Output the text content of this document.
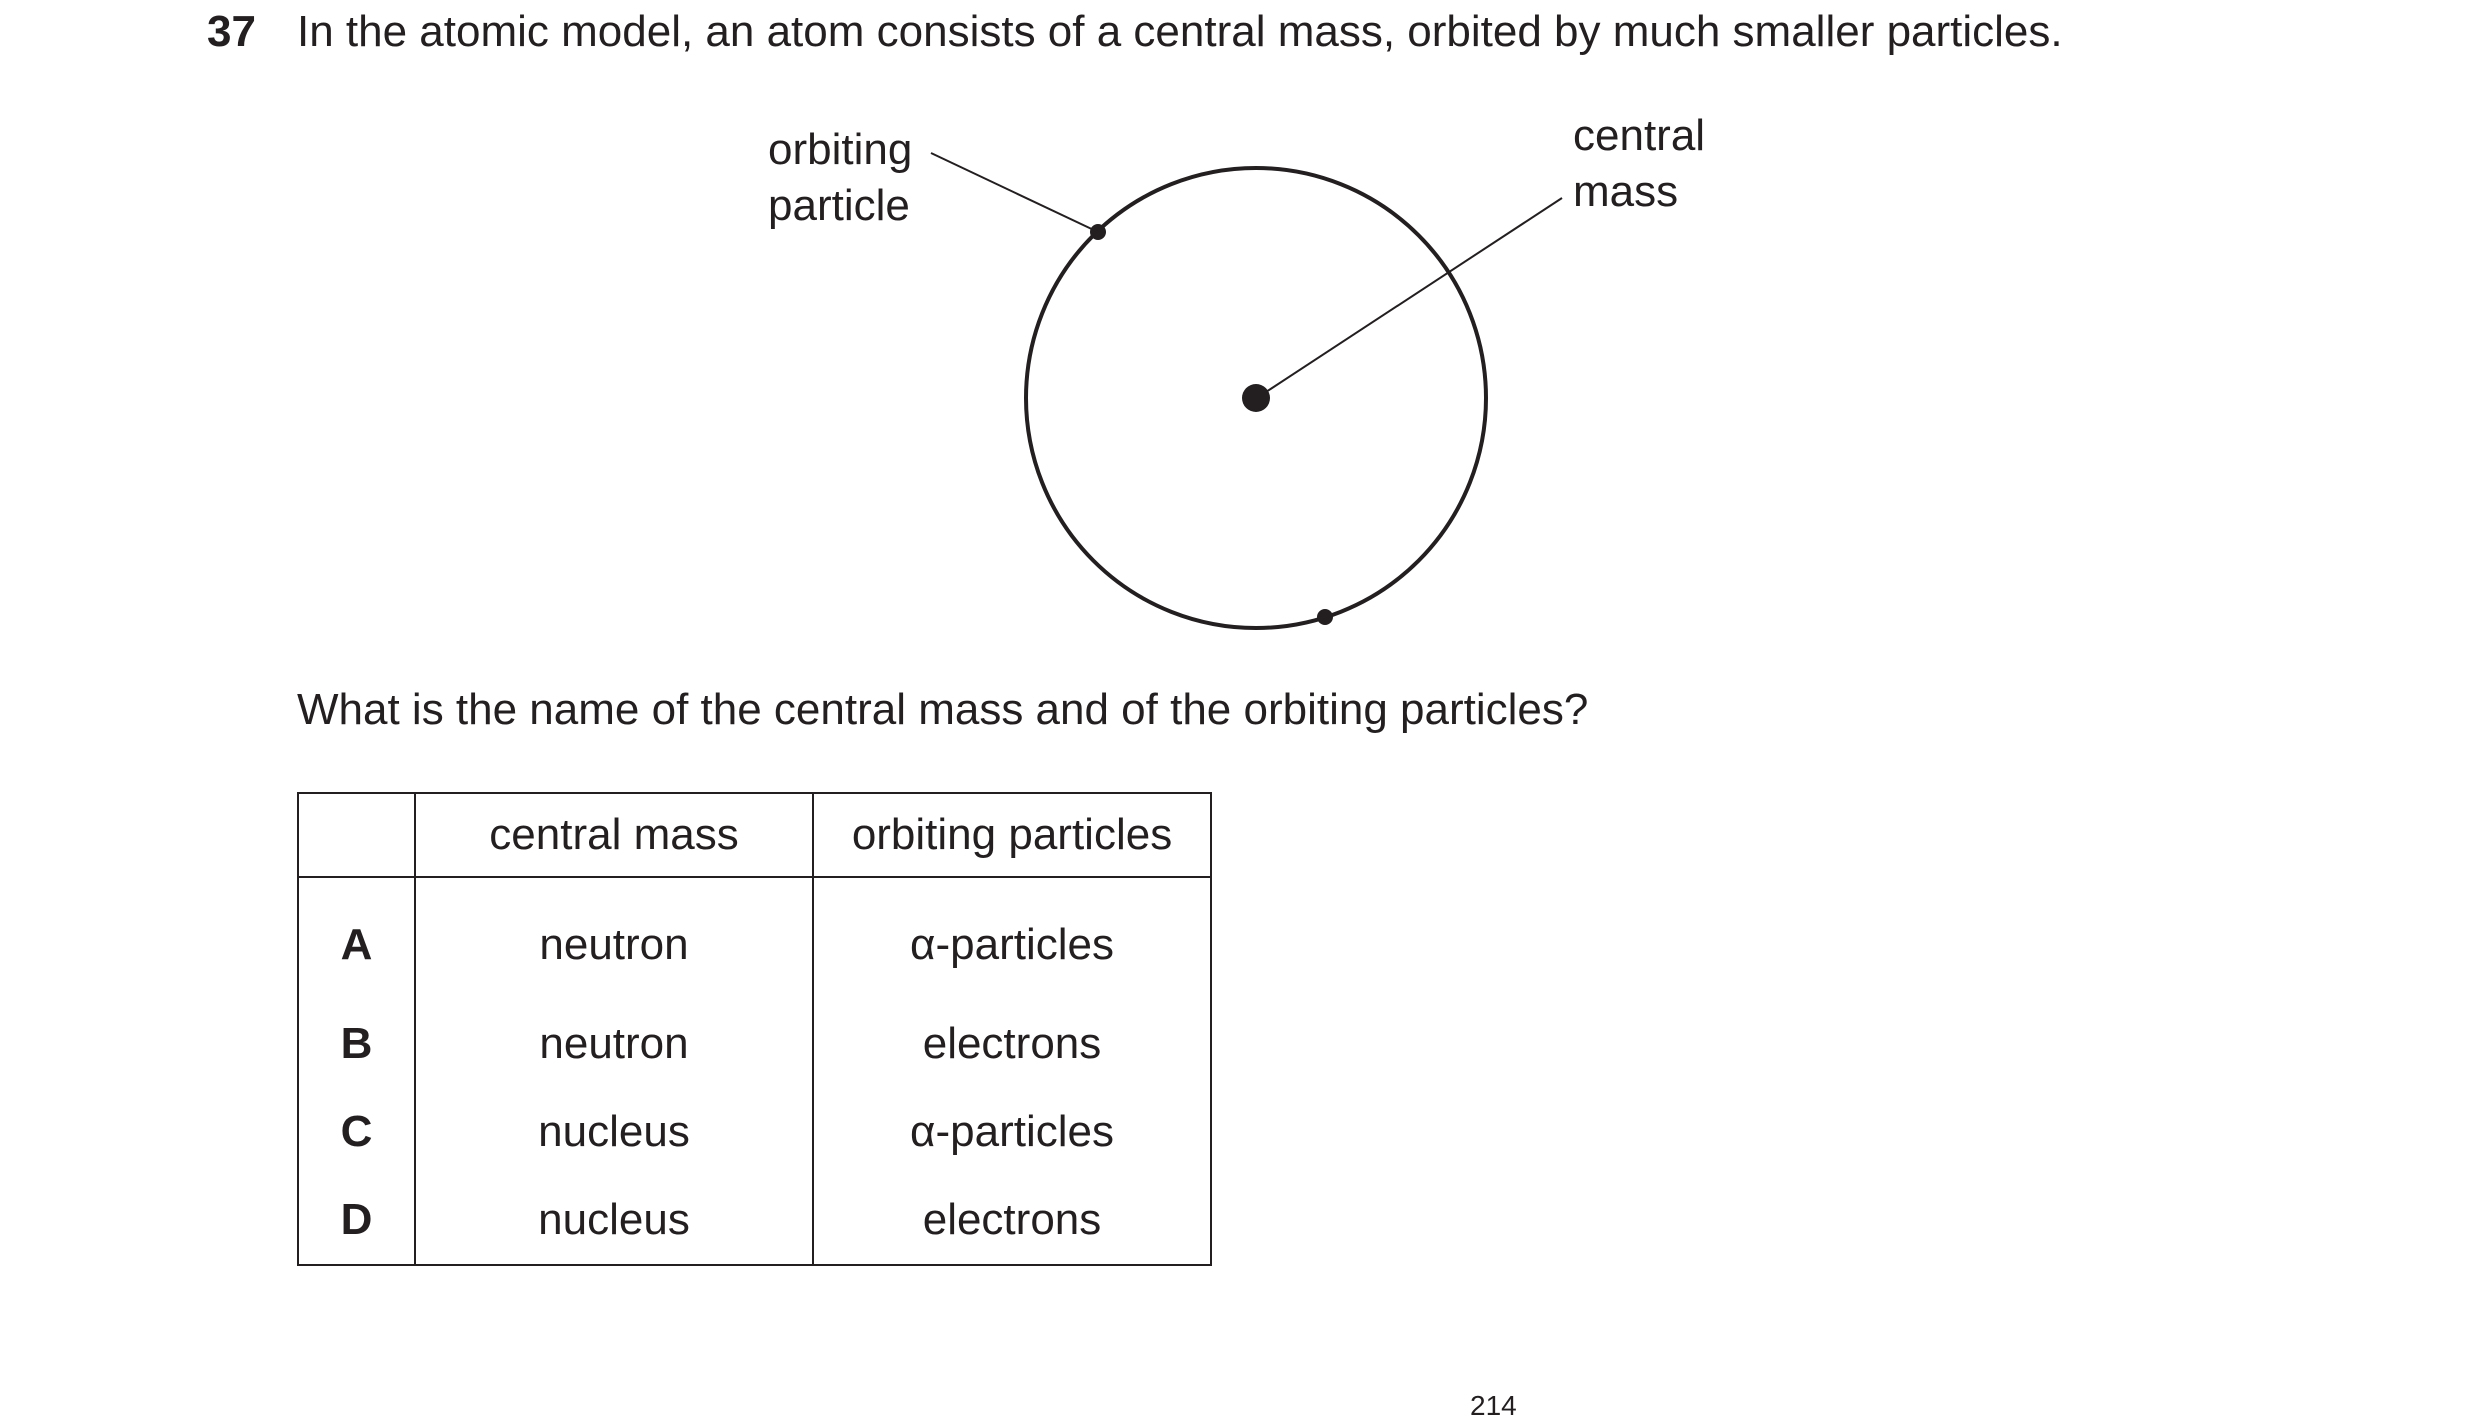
37 In the atomic model, an atom consists of a central mass, orbited by much smaller particles.
orbiting
particle
central
mass
What is the name of the central mass and of the orbiting particles?
	central mass	orbiting particles
A	neutron	α-particles
B	neutron	electrons
C	nucleus	α-particles
D	nucleus	electrons
214
